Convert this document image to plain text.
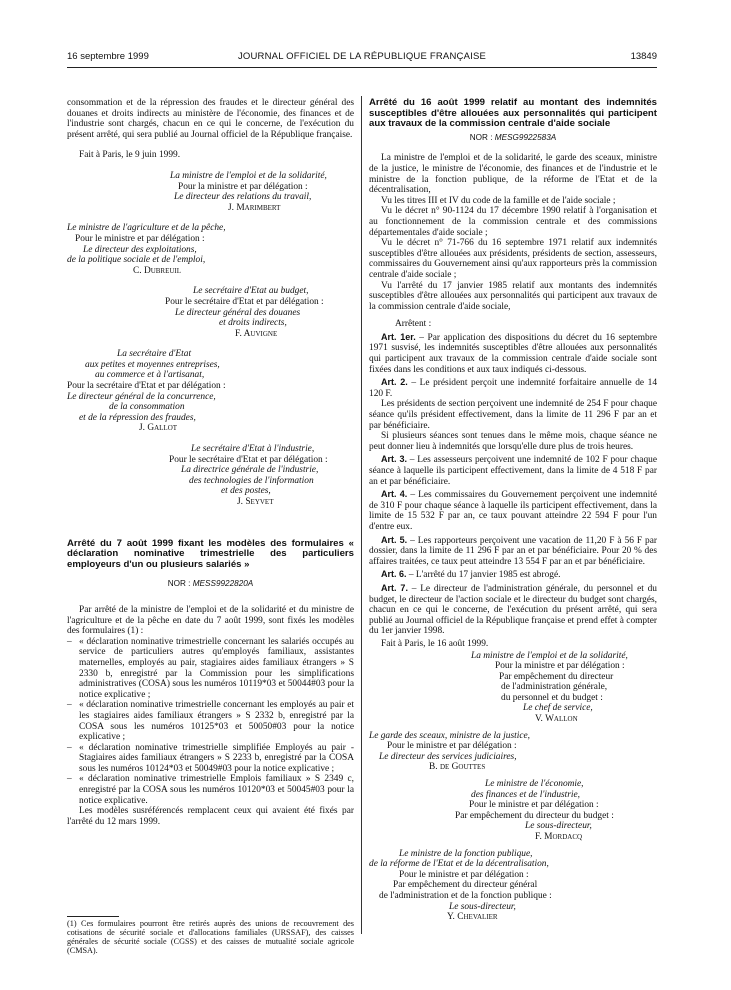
16 septembre 1999	JOURNAL OFFICIEL DE LA RÉPUBLIQUE FRANÇAISE	13849

consommation et de la répression des fraudes et le directeur général des douanes et droits indirects au ministère de l'économie, des finances et de l'industrie sont chargés, chacun en ce qui le concerne, de l'exécution du présent arrêté, qui sera publié au Journal officiel de la République française.

Fait à Paris, le 9 juin 1999.

La ministre de l'emploi et de la solidarité,
Pour la ministre et par délégation :
Le directeur des relations du travail,
J. Marimbert
Le ministre de l'agriculture et de la pêche,
Pour le ministre et par délégation :
Le directeur des exploitations,
de la politique sociale et de l'emploi,
C. Dubreuil
Le secrétaire d'Etat au budget,
Pour le secrétaire d'Etat et par délégation :
Le directeur général des douanes
et droits indirects,
F. Auvigne
La secrétaire d'Etat
aux petites et moyennes entreprises,
au commerce et à l'artisanat,
Pour la secrétaire d'Etat et par délégation :
Le directeur général de la concurrence,
de la consommation
et de la répression des fraudes,
J. Gallot
Le secrétaire d'Etat à l'industrie,
Pour le secrétaire d'Etat et par délégation :
La directrice générale de l'industrie,
des technologies de l'information
et des postes,
J. Seyvet

Arrêté du 7 août 1999 fixant les modèles des formulaires « déclaration nominative trimestrielle des particuliers employeurs d'un ou plusieurs salariés »

NOR : MESS9922820A

Par arrêté de la ministre de l'emploi et de la solidarité et du ministre de l'agriculture et de la pêche en date du 7 août 1999, sont fixés les modèles des formulaires (1) :

– « déclaration nominative trimestrielle concernant les salariés occupés au service de particuliers autres qu'employés familiaux, assistantes maternelles, employés au pair, stagiaires aides familiaux étrangers » S 2330 b, enregistré par la Commission pour les simplifications administratives (COSA) sous les numéros 10119*03 et 50044#03 pour la notice explicative ;
– « déclaration nominative trimestrielle concernant les employés au pair et les stagiaires aides familiaux étrangers » S 2332 b, enregistré par la COSA sous les numéros 10125*03 et 50050#03 pour la notice explicative ;
– « déclaration nominative trimestrielle simplifiée Employés au pair - Stagiaires aides familiaux étrangers » S 2233 b, enregistré par la COSA sous les numéros 10124*03 et 50049#03 pour la notice explicative ;
– « déclaration nominative trimestrielle Emplois familiaux » S 2349 c, enregistré par la COSA sous les numéros 10120*03 et 50045#03 pour la notice explicative.

Les modèles susréférencés remplacent ceux qui avaient été fixés par l'arrêté du 12 mars 1999.

(1) Ces formulaires pourront être retirés auprès des unions de recouvrement des cotisations de sécurité sociale et d'allocations familiales (URSSAF), des caisses générales de sécurité sociale (CGSS) et des caisses de mutualité sociale agricole (CMSA).

Arrêté du 16 août 1999 relatif au montant des indemnités susceptibles d'être allouées aux personnalités qui participent aux travaux de la commission centrale d'aide sociale

NOR : MESG9922583A

La ministre de l'emploi et de la solidarité, le garde des sceaux, ministre de la justice, le ministre de l'économie, des finances et de l'industrie et le ministre de la fonction publique, de la réforme de l'Etat et de la décentralisation,

Vu les titres III et IV du code de la famille et de l'aide sociale ;

Vu le décret n° 90-1124 du 17 décembre 1990 relatif à l'organisation et au fonctionnement de la commission centrale et des commissions départementales d'aide sociale ;

Vu le décret n° 71-766 du 16 septembre 1971 relatif aux indemnités susceptibles d'être allouées aux présidents, présidents de section, assesseurs, commissaires du Gouvernement ainsi qu'aux rapporteurs près la commission centrale d'aide sociale ;

Vu l'arrêté du 17 janvier 1985 relatif aux montants des indemnités susceptibles d'être allouées aux personnalités qui participent aux travaux de la commission centrale d'aide sociale,

Arrêtent :

Art. 1er. – Par application des dispositions du décret du 16 septembre 1971 susvisé, les indemnités susceptibles d'être allouées aux personnalités qui participent aux travaux de la commission centrale d'aide sociale sont fixées dans les conditions et aux taux indiqués ci-dessous.

Art. 2. – Le président perçoit une indemnité forfaitaire annuelle de 14 120 F.

Les présidents de section perçoivent une indemnité de 254 F pour chaque séance qu'ils président effectivement, dans la limite de 11 296 F par an et par bénéficiaire.

Si plusieurs séances sont tenues dans le même mois, chaque séance ne peut donner lieu à indemnités que lorsqu'elle dure plus de trois heures.

Art. 3. – Les assesseurs perçoivent une indemnité de 102 F pour chaque séance à laquelle ils participent effectivement, dans la limite de 4 518 F par an et par bénéficiaire.

Art. 4. – Les commissaires du Gouvernement perçoivent une indemnité de 310 F pour chaque séance à laquelle ils participent effectivement, dans la limite de 15 532 F par an, ce taux pouvant atteindre 22 594 F pour l'un d'entre eux.

Art. 5. – Les rapporteurs perçoivent une vacation de 11,20 F à 56 F par dossier, dans la limite de 11 296 F par an et par bénéficiaire. Pour 20 % des affaires traitées, ce taux peut atteindre 13 554 F par an et par bénéficiaire.

Art. 6. – L'arrêté du 17 janvier 1985 est abrogé.

Art. 7. – Le directeur de l'administration générale, du personnel et du budget, le directeur de l'action sociale et le directeur du budget sont chargés, chacun en ce qui le concerne, de l'exécution du présent arrêté, qui sera publié au Journal officiel de la République française et prend effet à compter du 1er janvier 1998.

Fait à Paris, le 16 août 1999.

La ministre de l'emploi et de la solidarité,
Pour la ministre et par délégation :
Par empêchement du directeur
de l'administration générale,
du personnel et du budget :
Le chef de service,
V. Wallon
Le garde des sceaux, ministre de la justice,
Pour le ministre et par délégation :
Le directeur des services judiciaires,
B. de Gouttes
Le ministre de l'économie,
des finances et de l'industrie,
Pour le ministre et par délégation :
Par empêchement du directeur du budget :
Le sous-directeur,
F. Mordacq
Le ministre de la fonction publique,
de la réforme de l'Etat et de la décentralisation,
Pour le ministre et par délégation :
Par empêchement du directeur général
de l'administration et de la fonction publique :
Le sous-directeur,
Y. Chevalier
